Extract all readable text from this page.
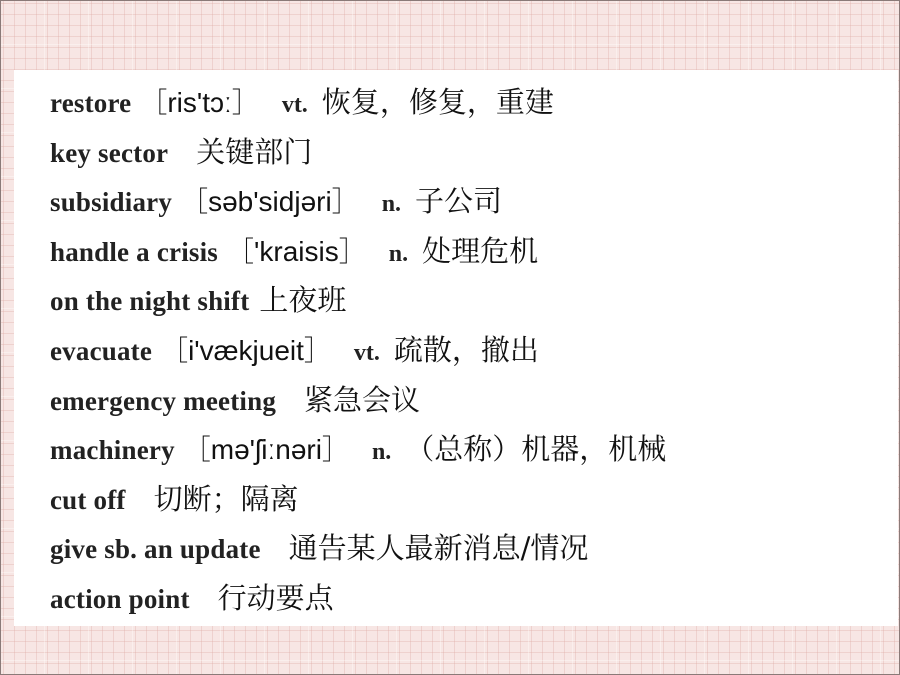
restore ［ris'tɔː］ vt. 恢复，修复，重建
key sector 关键部门
subsidiary ［səb'sidjəri］ n. 子公司
handle a crisis ［'kraisis］ n. 处理危机
on the night shift 上夜班
evacuate ［i'vækjueit］ vt. 疏散，撤出
emergency meeting 紧急会议
machinery ［mə'ʃiːnəri］ n. （总称）机器，机械
cut off 切断；隔离
give sb. an update 通告某人最新消息/情况
action point 行动要点
